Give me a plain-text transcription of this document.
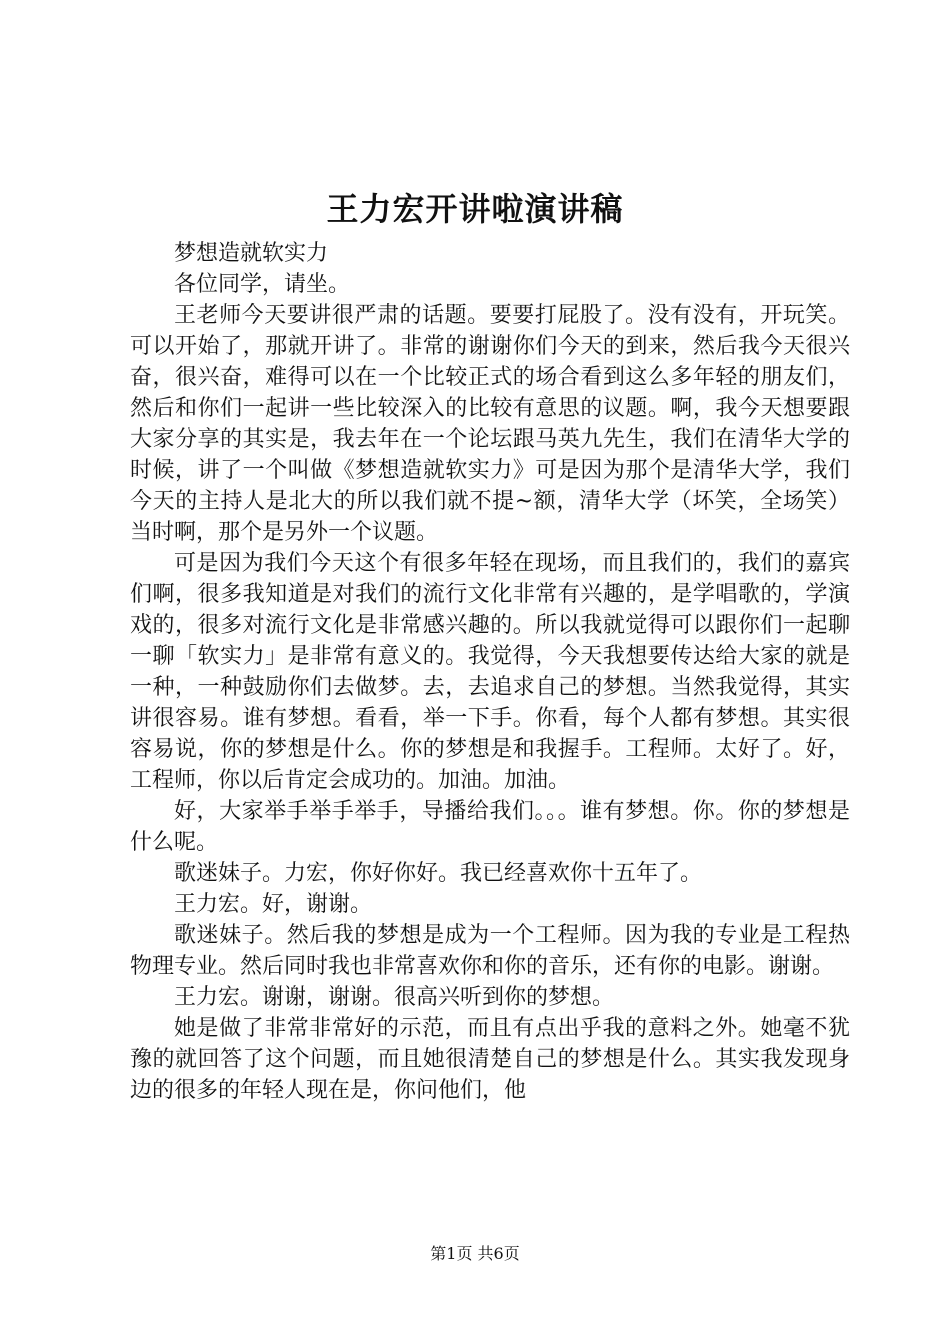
王力宏开讲啦演讲稿

梦想造就软实力

各位同学，请坐。

王老师今天要讲很严肃的话题。要要打屁股了。没有没有，开玩笑。可以开始了，那就开讲了。非常的谢谢你们今天的到来，然后我今天很兴奋，很兴奋，难得可以在一个比较正式的场合看到这么多年轻的朋友们，然后和你们一起讲一些比较深入的比较有意思的议题。啊，我今天想要跟大家分享的其实是，我去年在一个论坛跟马英九先生，我们在清华大学的时候，讲了一个叫做《梦想造就软实力》可是因为那个是清华大学，我们今天的主持人是北大的所以我们就不提~额，清华大学（坏笑，全场笑）当时啊，那个是另外一个议题。

可是因为我们今天这个有很多年轻在现场，而且我们的，我们的嘉宾们啊，很多我知道是对我们的流行文化非常有兴趣的，是学唱歌的，学演戏的，很多对流行文化是非常感兴趣的。所以我就觉得可以跟你们一起聊一聊「软实力」是非常有意义的。我觉得，今天我想要传达给大家的就是一种，一种鼓励你们去做梦。去，去追求自己的梦想。当然我觉得，其实讲很容易。谁有梦想。看看，举一下手。你看，每个人都有梦想。其实很容易说，你的梦想是什么。你的梦想是和我握手。工程师。太好了。好，工程师，你以后肯定会成功的。加油。加油。

好，大家举手举手举手，导播给我们。。。谁有梦想。你。你的梦想是什么呢。

歌迷妹子。力宏，你好你好。我已经喜欢你十五年了。

王力宏。好，谢谢。

歌迷妹子。然后我的梦想是成为一个工程师。因为我的专业是工程热物理专业。然后同时我也非常喜欢你和你的音乐，还有你的电影。谢谢。

王力宏。谢谢，谢谢。很高兴听到你的梦想。

她是做了非常非常好的示范，而且有点出乎我的意料之外。她毫不犹豫的就回答了这个问题，而且她很清楚自己的梦想是什么。其实我发现身边的很多的年轻人现在是，你问他们，他

第1页 共6页
